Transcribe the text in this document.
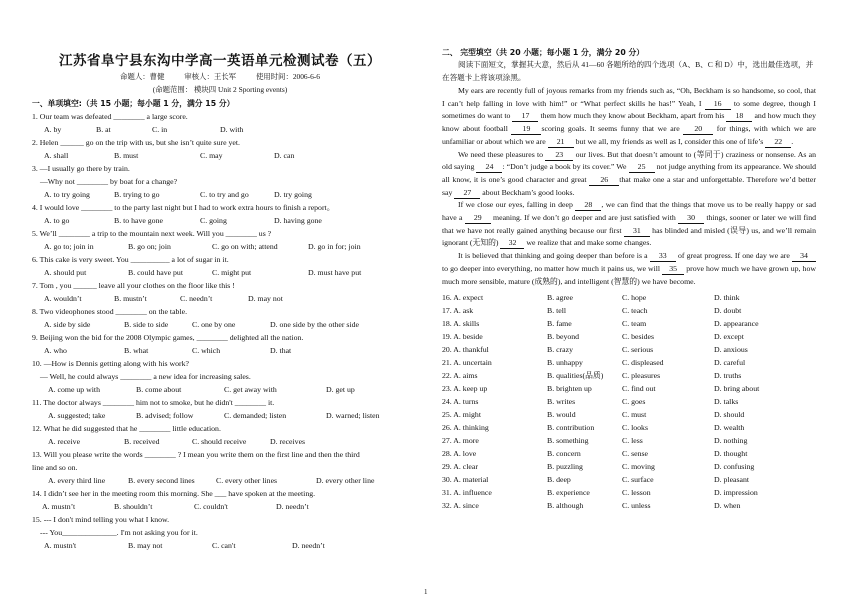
江苏省阜宁县东沟中学高一英语单元检测试卷（五）
命题人：曹健	审核人：王长军	使用时间：2006-6-6
(命题范围： 模块四 Unit 2 Sporting events)
一、单项填空:（共 15 小题；每小题 1 分，满分 15 分）
1. Our team was defeated ________ a large score.
A. by	B. at	C. in	D. with
2. Helen ______ go on the trip with us, but she isn’t quite sure yet.
A. shall	B. must	C. may	D. can
3. —I usually go there by train.
—Why not ________ by boat for a change?
A. to try going	B. trying to go	C. to try and go	D. try going
4. I would love ________ to the party last night but I had to work extra hours to finish a report。
A. to go	B. to have gone	C. going	D. having gone
5. We’ll ________ a trip to the mountain next week. Will you ________ us ?
A. go to; join in	B. go on; join	C. go on with; attend	D. go in for; join
6. This cake is very sweet. You __________ a lot of sugar in it.
A. should put	B. could have put	C. might put	D. must have put
7. Tom , you ______ leave all your clothes on the floor like this !
A. wouldn’t	B. mustn’t	C. needn’t	D. may not
8. Two videophones stood ________ on the table.
A. side by side	B. side to side	C. one by one	D. one side by the other side
9. Beijing won the bid for the 2008 Olympic games, ________ delighted all the nation.
A. who	B. what	C. which	D. that
10. —How is Dennis getting along with his work?
— Well, he could always ________ a new idea for increasing sales.
A. come up with	B. come about	C. get away with	D. get up
11. The doctor always ________ him not to smoke, but he didn't ________ it.
A. suggested; take	B. advised; follow	C. demanded; listen	D. warned; listen
12. What he did suggested that he ________ little education.
A. receive	B. received	C. should receive	D. receives
13. Will you please write the words ________ ? I mean you write them on the first line and then the third
line and so on.
A. every third line	B. every second lines	C. every other lines	D. every other line
14. I didn’t see her in the meeting room this morning. She ___ have spoken at the meeting.
A. mustn’t	B. shouldn’t	C. couldn't	D. needn’t
15. --- I don't mind telling you what I know.
--- You______________. I'm not asking you for it.
A. mustn't	B. may not	C. can't	D. needn’t
二、 完型填空（共 20 小题；每小题 1 分，满分 20 分）
阅读下面短文，掌握其大意，然后从 41—60 各题所给的四个选项（A、B、C 和 D）中，选出最佳选项，并在答题卡上将该项涂黑。
My ears are recently full of joyous remarks from my friends such as, “Oh, Beckham is so handsome, so cool, that I can’t help falling in love with him!” or “What perfect skills he has!” Yeah, I 16 to some degree, though I sometimes do want to 17 them how much they know about Beckham, apart from his 18 and how much they know about football 19 scoring goals. It seems funny that we are 20 for things, with which we are unfamiliar or about which we are 21 but we all, my friends as well as I, consider this one of life’s 22 .
We need these pleasures to 23 our lives. But that doesn’t amount to (等同于) craziness or nonsense. As an old saying 24 : “Don’t judge a book by its cover.” We 25 not judge anything from its appearance. We should all know, it is one’s good character and great 26 that make one a star and unforgettable. Therefore we’d better say 27 about Beckham’s good looks.
If we close our eyes, falling in deep 28 , we can find that the things that move us to be really happy or sad have a 29 meaning. If we don’t go deeper and are just satisfied with 30 things, sooner or later we will find that we have not really gained anything because our first 31 has blinded and misled (误导) us, and we’ll remain ignorant (无知的) 32 we realize that and make some changes.
It is believed that thinking and going deeper than before is a 33 of great progress. If one day we are 34 to go deeper into everything, no matter how much it pains us, we will 35 prove how much we have grown up, how much more sensible, mature (成熟的), and intelligent (智慧的) we have become.
16. A. expect	B. agree	C. hope	D. think
17. A. ask	B. tell	C. teach	D. doubt
18. A. skills	B. fame	C. team	D. appearance
19. A. beside	B. beyond	C. besides	D. except
20. A. thankful	B. crazy	C. serious	D. anxious
21. A. uncertain	B. unhappy	C. displeased	D. careful
22. A. aims	B. qualities(品质) C. pleasures	D. truths
23. A. keep up	B. brighten up	C. find out	D. bring about
24. A. turns	B. writes	C. goes	D. talks
25. A. might	B. would	C. must	D. should
26. A. thinking	B. contribution	C. looks	D. wealth
27. A. more	B. something	C. less	D. nothing
28. A. love	B. concern	C. sense	D. thought
29. A. clear	B. puzzling	C. moving	D. confusing
30. A. material	B. deep	C. surface	D. pleasant
31. A. influence	B. experience	C. lesson	D. impression
32. A. since	B. although	C. unless	D. when
1
